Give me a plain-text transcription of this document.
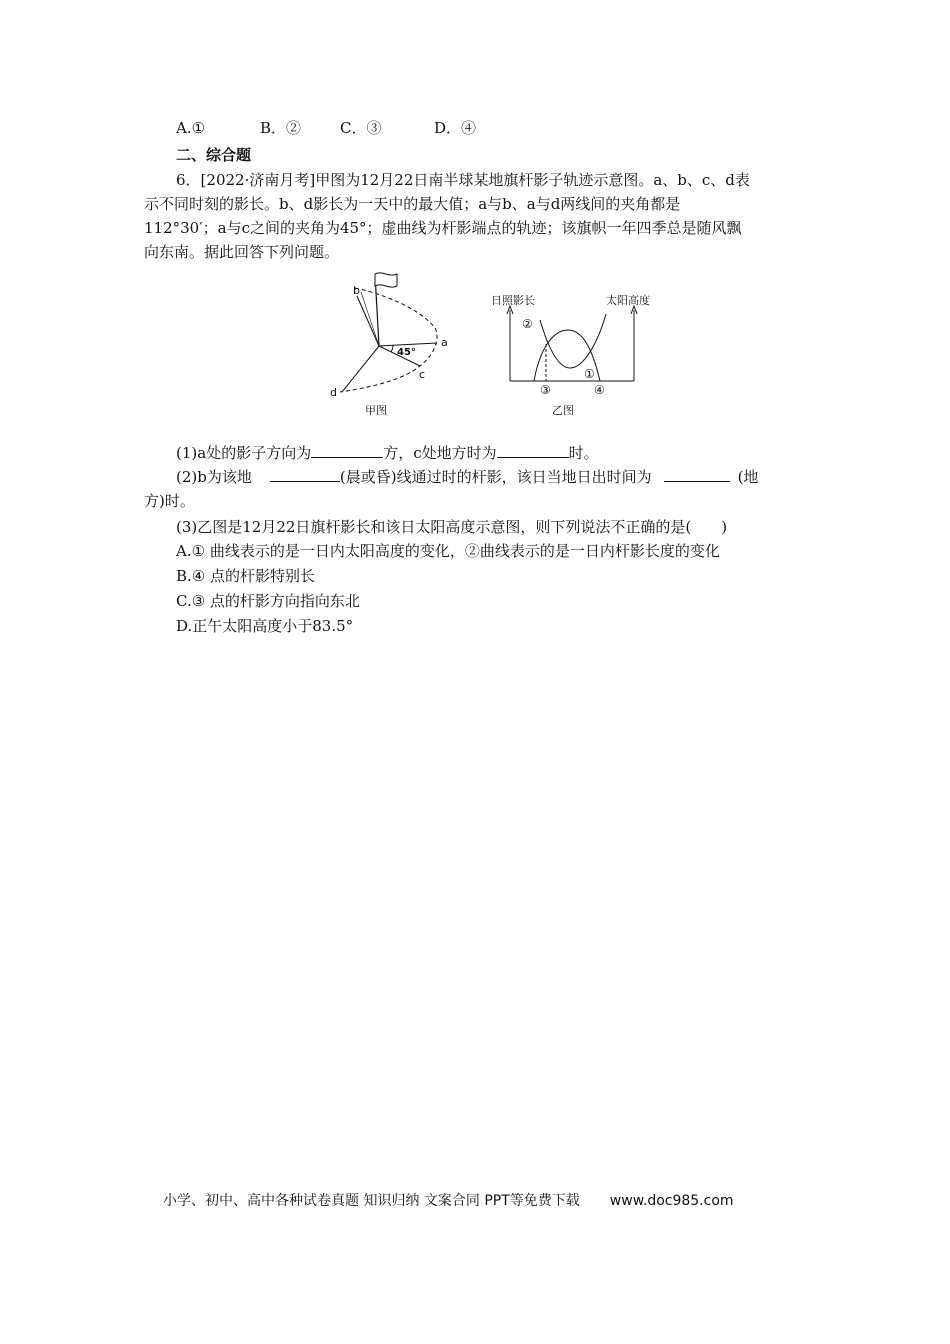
A.①	B．②	C．③	D．④
二、综合题
6．[2022·济南月考]甲图为12月22日南半球某地旗杆影子轨迹示意图。a、b、c、d表
示不同时刻的影长。b、d影长为一天中的最大值；a与b、a与d两线间的夹角都是
112°30′；a与c之间的夹角为45°；虚曲线为杆影端点的轨迹；该旗帜一年四季总是随风飘
向东南。据此回答下列问题。
b
a
c
d
45°
甲图
日照影长	太阳高度
②
①
③	④
乙图
(1)a处的影子方向为	方，c处地方时为	时。
(2)b为该地	(晨或昏)线通过时的杆影，该日当地日出时间为	(地
方)时。
(3)乙图是12月22日旗杆影长和该日太阳高度示意图，则下列说法不正确的是(　　)
A.① 曲线表示的是一日内太阳高度的变化，②曲线表示的是一日内杆影长度的变化
B.④ 点的杆影特别长
C.③ 点的杆影方向指向东北
D.正午太阳高度小于83.5°
小学、初中、高中各种试卷真题 知识归纳 文案合同 PPT等免费下载 www.doc985.com
